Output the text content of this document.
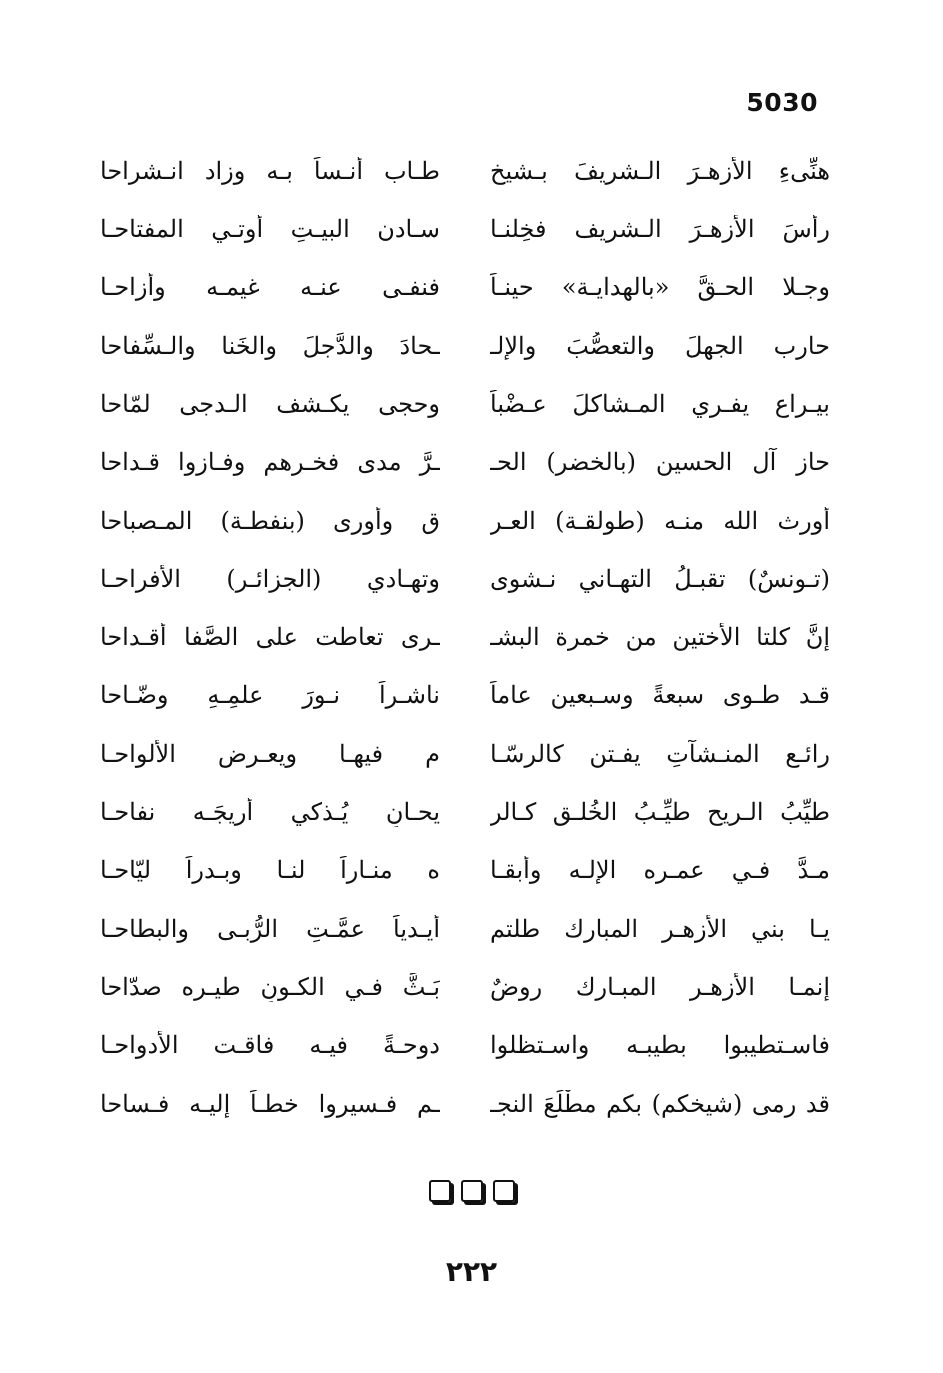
5030
هنِّىءِ الأزهـرَ الـشريفَ بـشيخٍ
طـاب أنـساً بـه وزاد انـشراحا
رأسَ الأزهـرَ الـشريف فخِلنـا
سـادن البيـتِ أوتـي المفتاحـا
وجـلا الحـقَّ «بالهدايـة» حينـاً
فنفـى عنـه غيمـه وأزاحـا
حارب الجهلَ والتعصُّبَ والإلـ
ـحادَ والدَّجلَ والخَنا والـسِّفاحا
بيـراعٍ يفـري المـشاكلَ عـضْباً
وحجى يكـشف الـدجى لمّاحا
حاز آل الحسين (بالخضر) الحـ
ـرَّ مدى فخـرهم وفـازوا قـداحا
أورث الله منـه (طولقـة) العـر
ق وأورى (بنفطـة) المـصباحا
(تـونسٌ) تقبـلُ التهـاني نـشوى
وتهـادي (الجزائـر) الأفراحـا
إنَّ كلتا الأختين من خمرة البشـ
ـرى تعاطت على الصَّفا أقـداحا
قـد طـوى سبعةً وسـبعين عاماً
ناشـراً نـورَ علمِـهِ وضّـاحا
رائـع المنـشآتِ يفـتن كالرسّـا
م فيهـا ويعـرض الألواحـا
طيِّبُ الـريحِ طيِّـبُ الخُلـق كـالر
يحـانِ يُـذكي أريجَـه نفاحـا
مـدَّ فـي عمـره الإلـه وأبقـا
ه منـاراً لنـا وبـدراً ليّاحـا
يـا بني الأزهـر المبارك طلتم
أيـدياً عمَّـتِ الرُّبـى والبطاحـا
إنمـا الأزهـر المبـارك روضٌ
بَـثَّ فـي الكـونِ طيـره صدّاحا
فاسـتطيبوا بطيبـه واسـتظلوا
دوحـةً فيـه فاقـت الأدواحـا
قد رمى (شيخكم) بكم مطْلَعَ النجـ
ـم فـسيروا خطـاً إليـه فـساحا
٢٢٢
